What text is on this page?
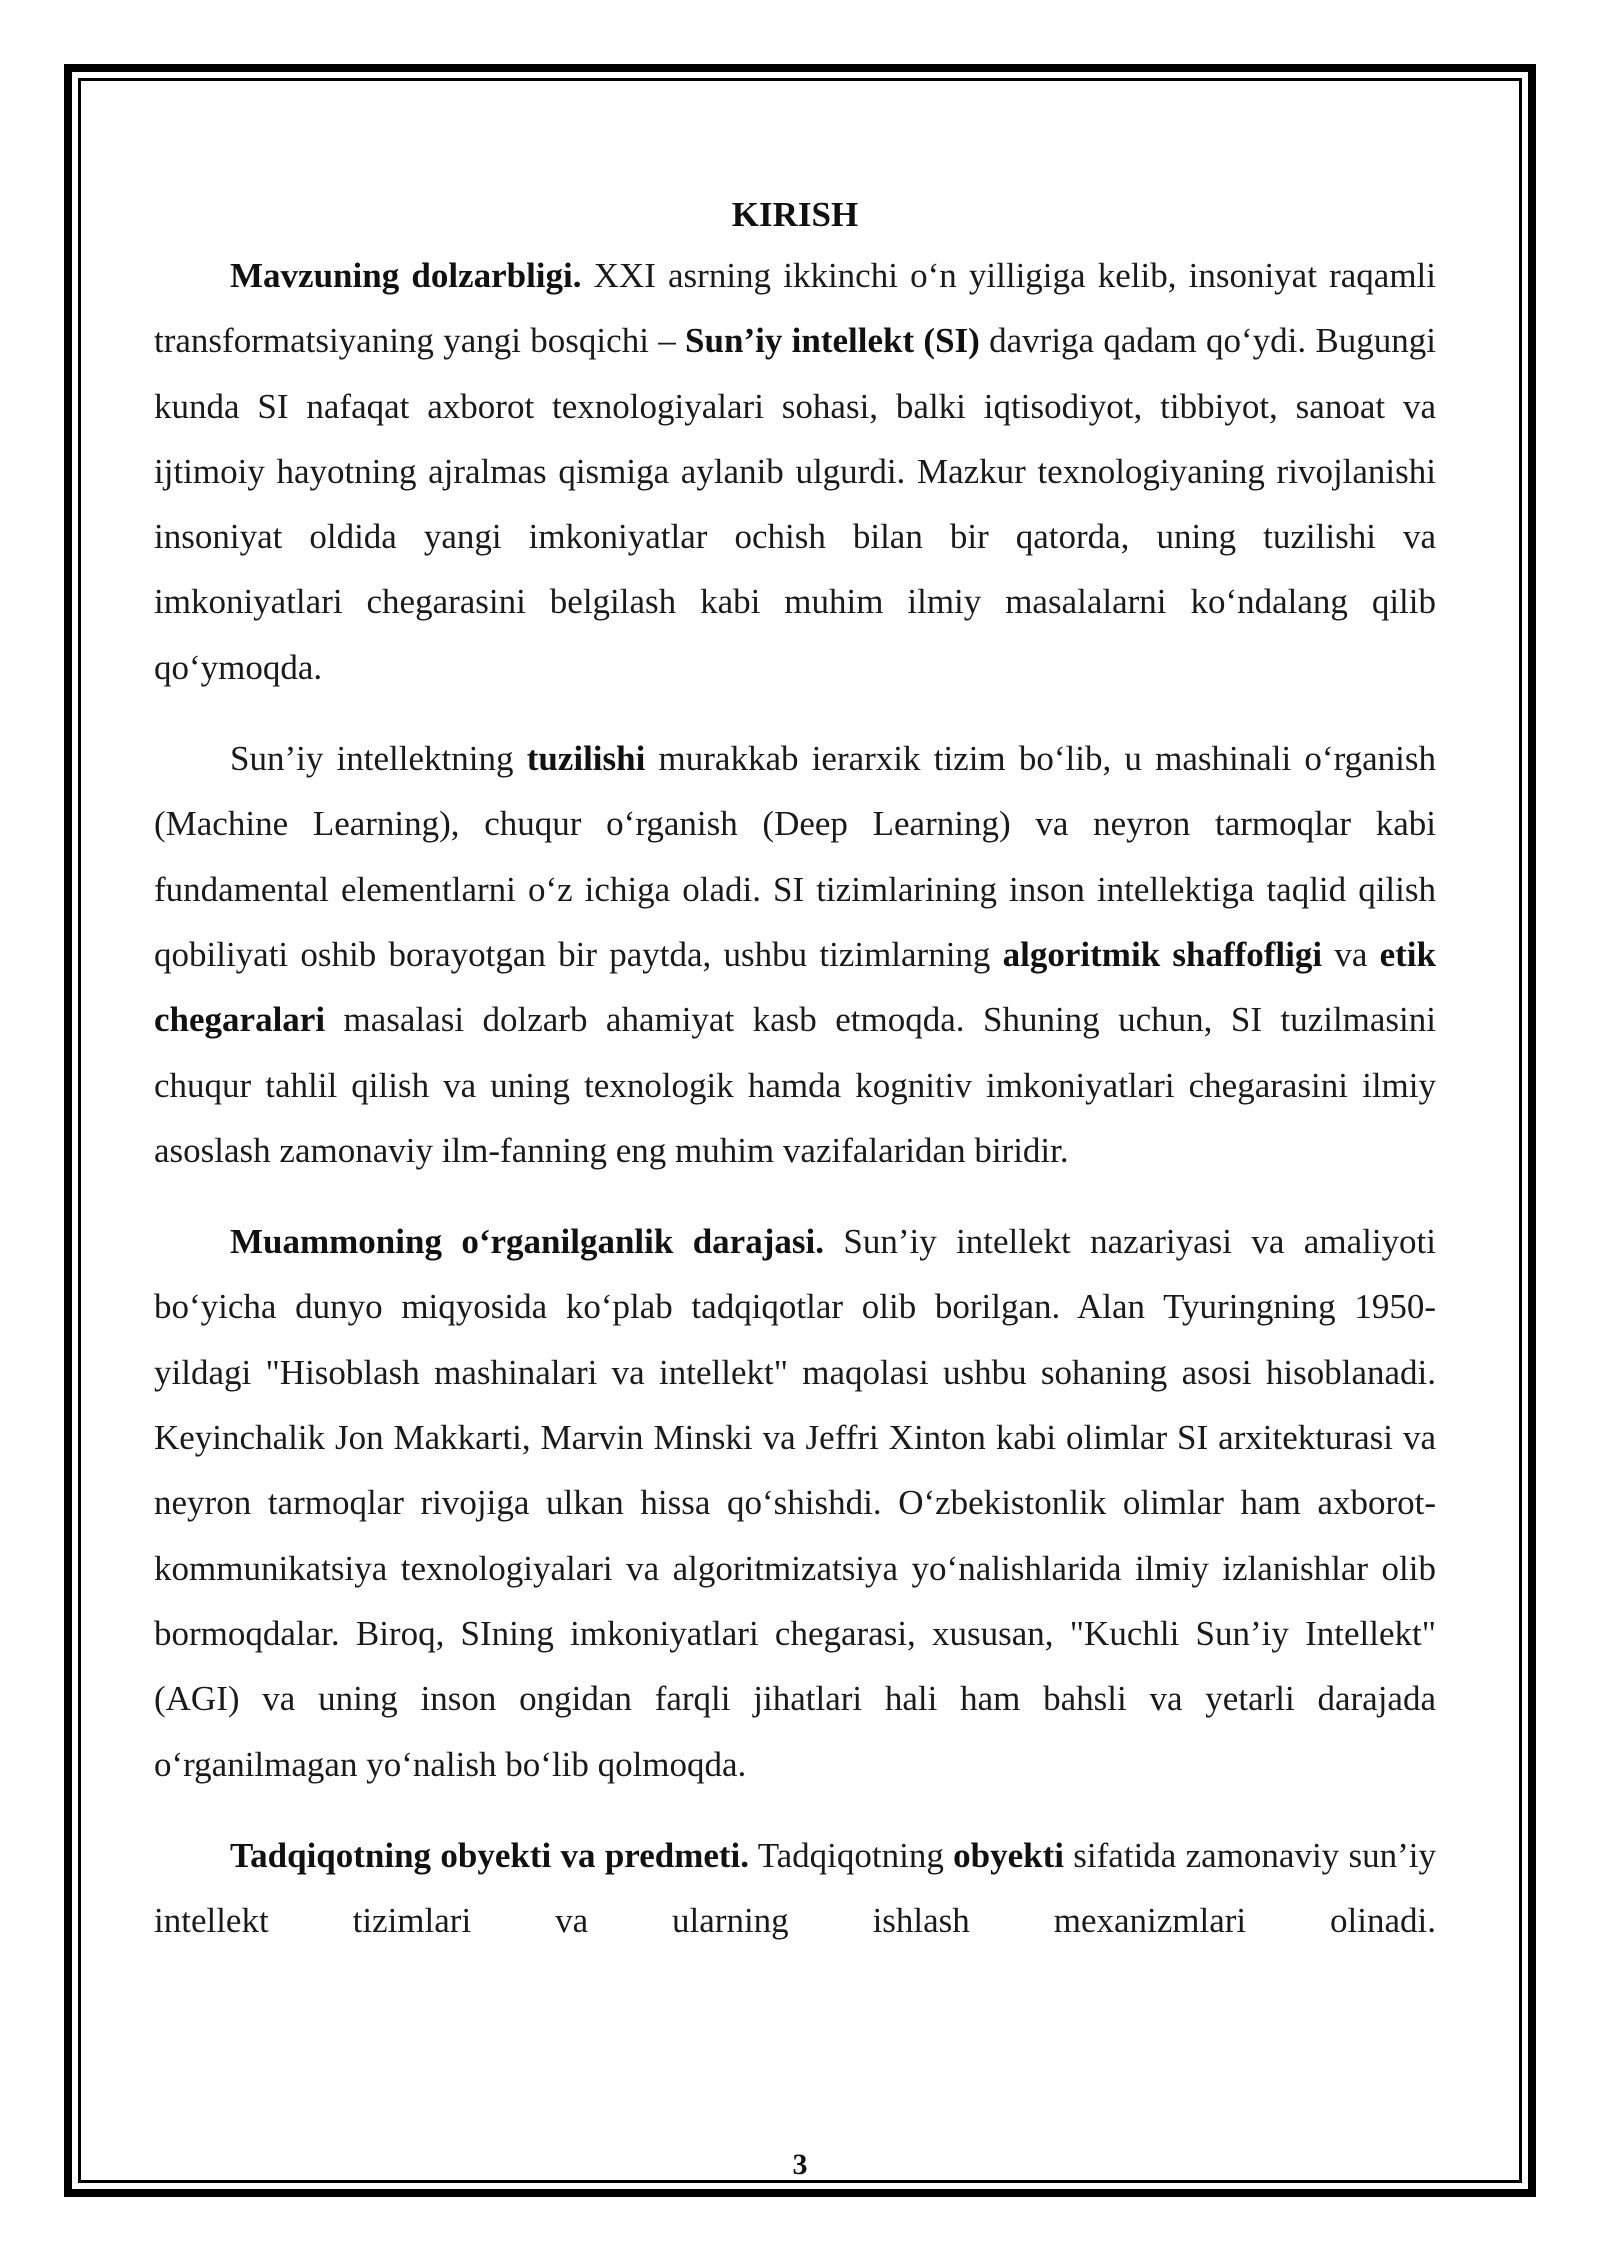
KIRISH

Mavzuning dolzarbligi. XXI asrning ikkinchi o‘n yilligiga kelib, insoniyat raqamli transformatsiyaning yangi bosqichi – Sun’iy intellekt (SI) davriga qadam qo‘ydi. Bugungi kunda SI nafaqat axborot texnologiyalari sohasi, balki iqtisodiyot, tibbiyot, sanoat va ijtimoiy hayotning ajralmas qismiga aylanib ulgurdi. Mazkur texnologiyaning rivojlanishi insoniyat oldida yangi imkoniyatlar ochish bilan bir qatorda, uning tuzilishi va imkoniyatlari chegarasini belgilash kabi muhim ilmiy masalalarni ko‘ndalang qilib qo‘ymoqda.

Sun’iy intellektning tuzilishi murakkab ierarxik tizim bo‘lib, u mashinali o‘rganish (Machine Learning), chuqur o‘rganish (Deep Learning) va neyron tarmoqlar kabi fundamental elementlarni o‘z ichiga oladi. SI tizimlarining inson intellektiga taqlid qilish qobiliyati oshib borayotgan bir paytda, ushbu tizimlarning algoritmik shaffofligi va etik chegaralari masalasi dolzarb ahamiyat kasb etmoqda. Shuning uchun, SI tuzilmasini chuqur tahlil qilish va uning texnologik hamda kognitiv imkoniyatlari chegarasini ilmiy asoslash zamonaviy ilm-fanning eng muhim vazifalaridan biridir.

Muammoning o‘rganilganlik darajasi. Sun’iy intellekt nazariyasi va amaliyoti bo‘yicha dunyo miqyosida ko‘plab tadqiqotlar olib borilgan. Alan Tyuringning 1950-yildagi "Hisoblash mashinalari va intellekt" maqolasi ushbu sohaning asosi hisoblanadi. Keyinchalik Jon Makkarti, Marvin Minski va Jeffri Xinton kabi olimlar SI arxitekturasi va neyron tarmoqlar rivojiga ulkan hissa qo‘shishdi. O‘zbekistonlik olimlar ham axborot-kommunikatsiya texnologiyalari va algoritmizatsiya yo‘nalishlarida ilmiy izlanishlar olib bormoqdalar. Biroq, SIning imkoniyatlari chegarasi, xususan, "Kuchli Sun’iy Intellekt" (AGI) va uning inson ongidan farqli jihatlari hali ham bahsli va yetarli darajada o‘rganilmagan yo‘nalish bo‘lib qolmoqda.

Tadqiqotning obyekti va predmeti. Tadqiqotning obyekti sifatida zamonaviy sun’iy intellekt tizimlari va ularning ishlash mexanizmlari olinadi.

3
